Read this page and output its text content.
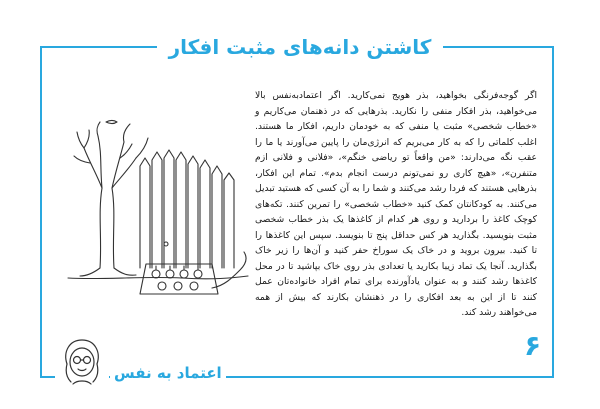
کاشتن دانه‌های مثبت افکار
اگر گوجه‌فرنگی بخواهید، بذر هویج نمی‌کارید. اگر اعتمادبه‌نفس بالا می‌خواهید، بذر افکار منفی را نکارید. بذرهایی که در ذهنمان می‌کاریم و «خطاب شخصی» مثبت یا منفی که به خودمان داریم، افکار ما هستند. اغلب کلماتی را که به کار می‌بریم که انرژی‌مان را پایین می‌آورند یا ما را عقب نگه می‌دارند: «من واقعاً تو ریاضی خنگم»، «فلانی و فلانی ازم متنفرن»، «هیچ کاری رو نمی‌تونم درست انجام بدم». تمام این افکار، بذرهایی هستند که فردا رشد می‌کنند و شما را به آن کسی که هستید تبدیل می‌کنند. به کودکانتان کمک کنید «خطاب شخصی» را تمرین کنند. تکه‌های کوچک کاغذ را بردارید و روی هر کدام از کاغذها یک بذر خطاب شخصی مثبت بنویسید. بگذارید هر کس حداقل پنج تا بنویسد. سپس این کاغذها را تا کنید. بیرون بروید و در خاک یک سوراخ حفر کنید و آن‌ها را زیر خاک بگذارید. آنجا یک تماد زیبا بکارید یا تعدادی بذر روی خاک بپاشید تا در محل کاغذها رشد کنند و به عنوان یادآورنده برای تمام افراد خانواده‌تان عمل کنند تا از این به بعد افکاری را در ذهنشان بکارند که بیش از همه می‌خواهند رشد کند.
۶
اعتماد به نفس
